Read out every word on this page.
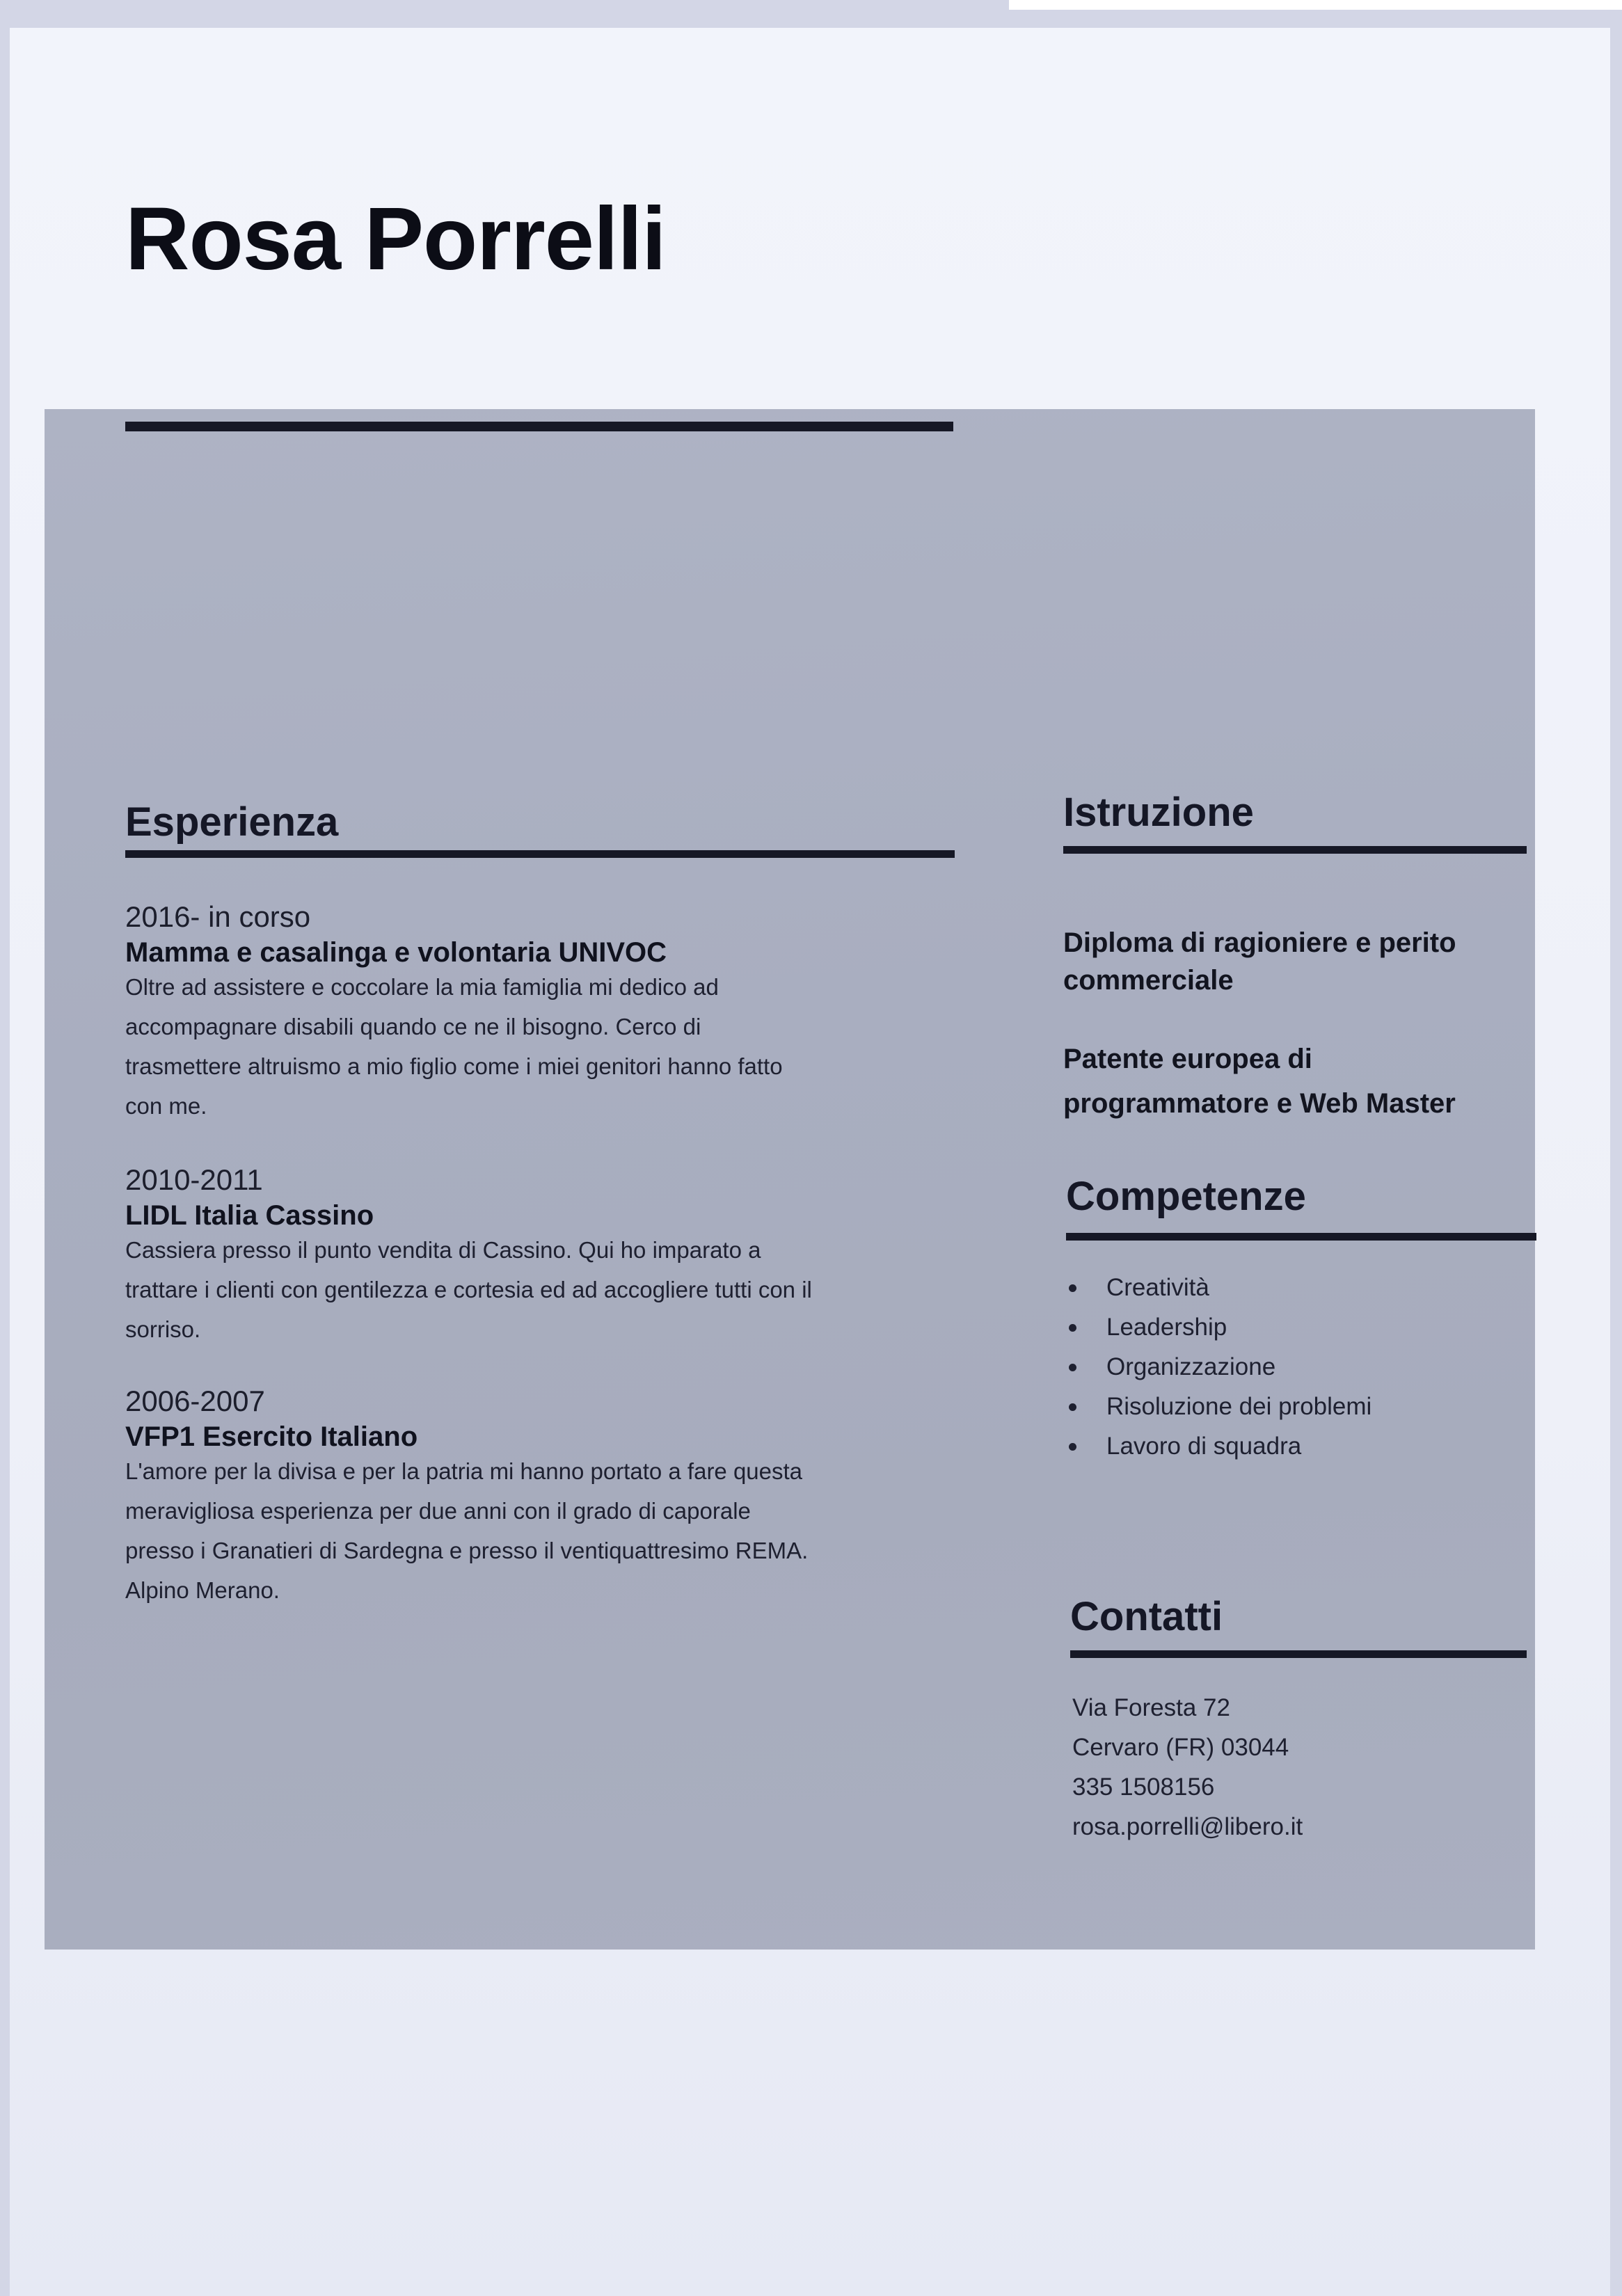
Rosa Porrelli
Esperienza
2016- in corso
Mamma e casalinga e volontaria UNIVOC
Oltre ad assistere e coccolare la mia famiglia mi dedico ad
accompagnare disabili quando ce ne il bisogno. Cerco di
trasmettere altruismo a mio figlio come i miei genitori hanno fatto
con me.
2010-2011
LIDL Italia Cassino
Cassiera presso il punto vendita di Cassino. Qui ho imparato a
trattare i clienti con gentilezza e cortesia ed ad accogliere tutti con il
sorriso.
2006-2007
VFP1 Esercito Italiano
L'amore per la divisa e per la patria mi hanno portato a fare questa
meravigliosa esperienza per due anni con il grado di caporale
presso i Granatieri di Sardegna e presso il ventiquattresimo REMA.
Alpino Merano.
Istruzione
Diploma di ragioniere e perito
commerciale
Patente europea di
programmatore e Web Master
Competenze
Creatività
Leadership
Organizzazione
Risoluzione dei problemi
Lavoro di squadra
Contatti
Via Foresta 72
Cervaro (FR) 03044
335 1508156
rosa.porrelli@libero.it
